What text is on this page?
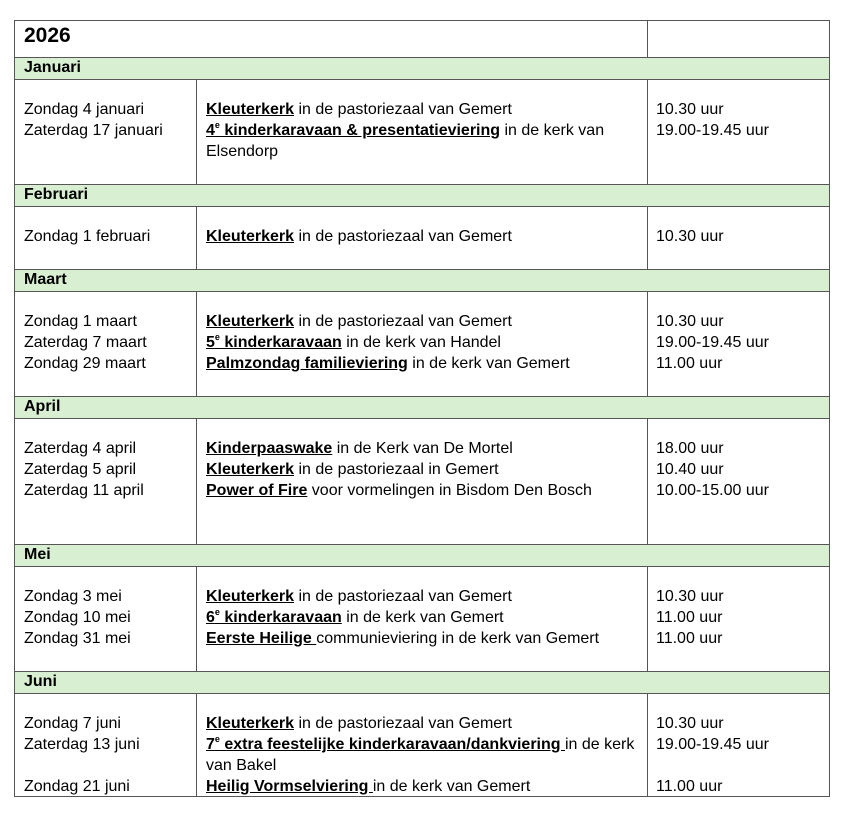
2026
Januari
Zondag 4 januari
Zaterdag 17 januari
Kleuterkerk in de pastoriezaal van Gemert
4e kinderkaravaan & presentatieviering in de kerk van Elsendorp
10.30 uur
19.00-19.45 uur
Februari
Zondag 1 februari	Kleuterkerk in de pastoriezaal van Gemert	10.30 uur
Maart
Zondag 1 maart
Zaterdag 7 maart
Zondag 29 maart
Kleuterkerk in de pastoriezaal van Gemert
5e kinderkaravaan in de kerk van Handel
Palmzondag familieviering in de kerk van Gemert
10.30 uur
19.00-19.45 uur
11.00 uur
April
Zaterdag 4 april
Zaterdag 5 april
Zaterdag 11 april
Kinderpaaswake in de Kerk van De Mortel
Kleuterkerk in de pastoriezaal in Gemert
Power of Fire voor vormelingen in Bisdom Den Bosch
18.00 uur
10.40 uur
10.00-15.00 uur
Mei
Zondag 3 mei
Zondag 10 mei
Zondag 31 mei
Kleuterkerk in de pastoriezaal van Gemert
6e kinderkaravaan in de kerk van Gemert
Eerste Heilige communieviering in de kerk van Gemert
10.30 uur
11.00 uur
11.00 uur
Juni
Zondag 7 juni
Zaterdag 13 juni
Zondag 21 juni
Kleuterkerk in de pastoriezaal van Gemert
7e extra feestelijke kinderkaravaan/dankviering in de kerk van Bakel
Heilig Vormselviering in de kerk van Gemert
10.30 uur
19.00-19.45 uur
11.00 uur
